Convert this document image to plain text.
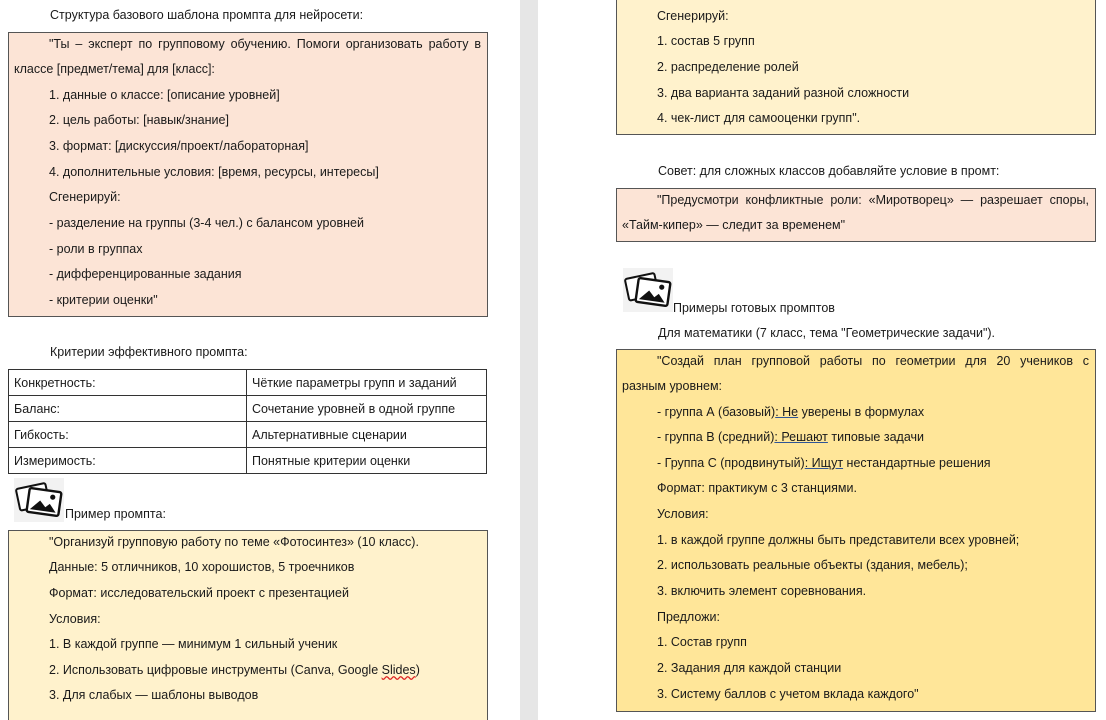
Структура базового шаблона промпта для нейросети:
"Ты – эксперт по групповому обучению. Помоги организовать работу в
классе [предмет/тема] для [класс]:
1. данные о классе: [описание уровней]
2. цель работы: [навык/знание]
3. формат: [дискуссия/проект/лабораторная]
4. дополнительные условия: [время, ресурсы, интересы]
Сгенерируй:
- разделение на группы (3-4 чел.) с балансом уровней
- роли в группах
- дифференцированные задания
- критерии оценки"
Критерии эффективного промпта:
Конкретность:	Чёткие параметры групп и заданий
Баланс:	Сочетание уровней в одной группе
Гибкость:	Альтернативные сценарии
Измеримость:	Понятные критерии оценки
Пример промпта:
"Организуй групповую работу по теме «Фотосинтез» (10 класс).
Данные: 5 отличников, 10 хорошистов, 5 троечников
Формат: исследовательский проект с презентацией
Условия:
1. В каждой группе — минимум 1 сильный ученик
2. Использовать цифровые инструменты (Canva, Google Slides)
3. Для слабых — шаблоны выводов
Сгенерируй:
1. состав 5 групп
2. распределение ролей
3. два варианта заданий разной сложности
4. чек-лист для самооценки групп".
Совет: для сложных классов добавляйте условие в промт:
"Предусмотри конфликтные роли: «Миротворец» — разрешает споры,
«Тайм-кипер» — следит за временем"
Примеры готовых промптов
Для математики (7 класс, тема "Геометрические задачи").
"Создай план групповой работы по геометрии для 20 учеников с
разным уровнем:
- группа А (базовый): Не уверены в формулах
- группа B (средний): Решают типовые задачи
- Группа C (продвинутый): Ищут нестандартные решения
Формат: практикум с 3 станциями.
Условия:
1. в каждой группе должны быть представители всех уровней;
2. использовать реальные объекты (здания, мебель);
3. включить элемент соревнования.
Предложи:
1. Состав групп
2. Задания для каждой станции
3. Систему баллов с учетом вклада каждого"
